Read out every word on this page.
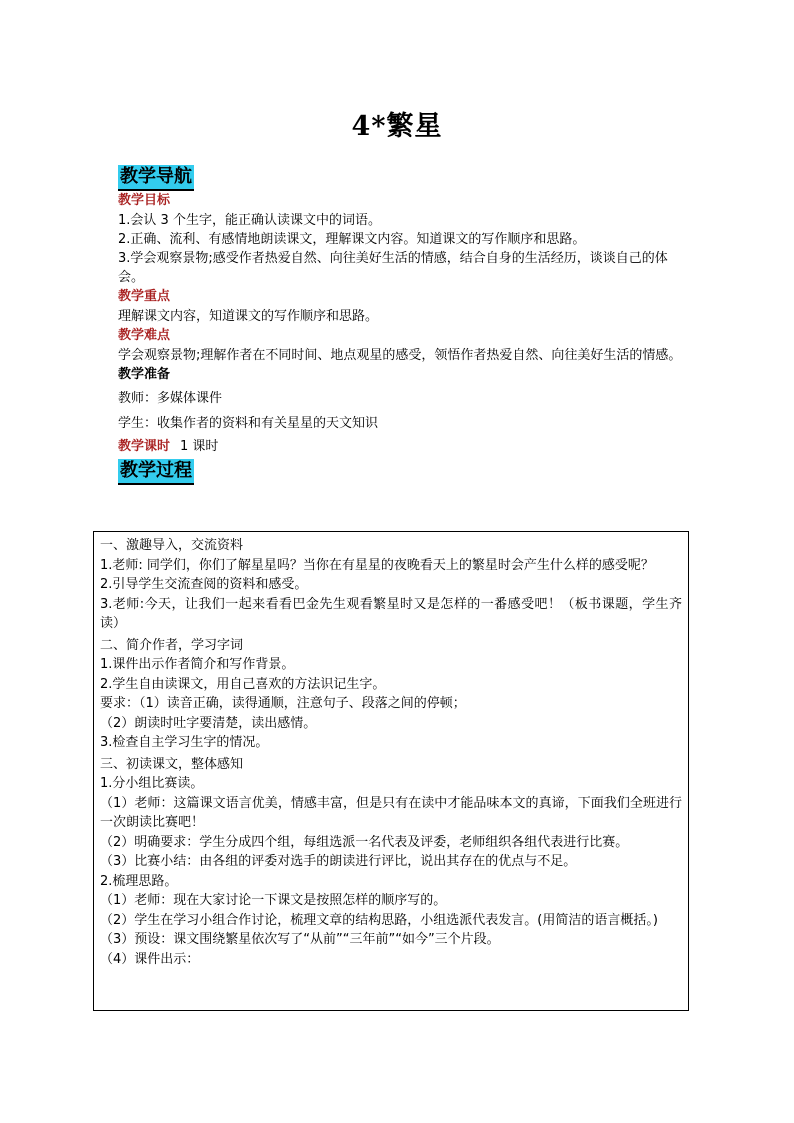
4*繁星
教学导航
教学目标
1.会认 3 个生字，能正确认读课文中的词语。
2.正确、流利、有感情地朗读课文，理解课文内容。知道课文的写作顺序和思路。
3.学会观察景物;感受作者热爱自然、向往美好生活的情感，结合自身的生活经历，谈谈自己的体会。
教学重点
理解课文内容，知道课文的写作顺序和思路。
教学难点
学会观察景物;理解作者在不同时间、地点观星的感受，领悟作者热爱自然、向往美好生活的情感。
教学准备
教师：多媒体课件
学生：收集作者的资料和有关星星的天文知识
教学课时 1 课时
教学过程
一、激趣导入，交流资料
1.老师: 同学们，你们了解星星吗？当你在有星星的夜晚看天上的繁星时会产生什么样的感受呢？
2.引导学生交流查阅的资料和感受。
3.老师:今天，让我们一起来看看巴金先生观看繁星时又是怎样的一番感受吧！（板书课题，学生齐读）
二、简介作者，学习字词
1.课件出示作者简介和写作背景。
2.学生自由读课文，用自己喜欢的方法识记生字。
要求：（1）读音正确，读得通顺，注意句子、段落之间的停顿；
（2）朗读时吐字要清楚，读出感情。
3.检查自主学习生字的情况。
三、初读课文，整体感知
1.分小组比赛读。
（1）老师：这篇课文语言优美，情感丰富，但是只有在读中才能品味本文的真谛，下面我们全班进行一次朗读比赛吧！
（2）明确要求：学生分成四个组，每组选派一名代表及评委，老师组织各组代表进行比赛。
（3）比赛小结：由各组的评委对选手的朗读进行评比，说出其存在的优点与不足。
2.梳理思路。
（1）老师：现在大家讨论一下课文是按照怎样的顺序写的。
（2）学生在学习小组合作讨论，梳理文章的结构思路，小组选派代表发言。(用简洁的语言概括。)
（3）预设：课文围绕繁星依次写了“从前”“三年前”“如今”三个片段。
（4）课件出示：
